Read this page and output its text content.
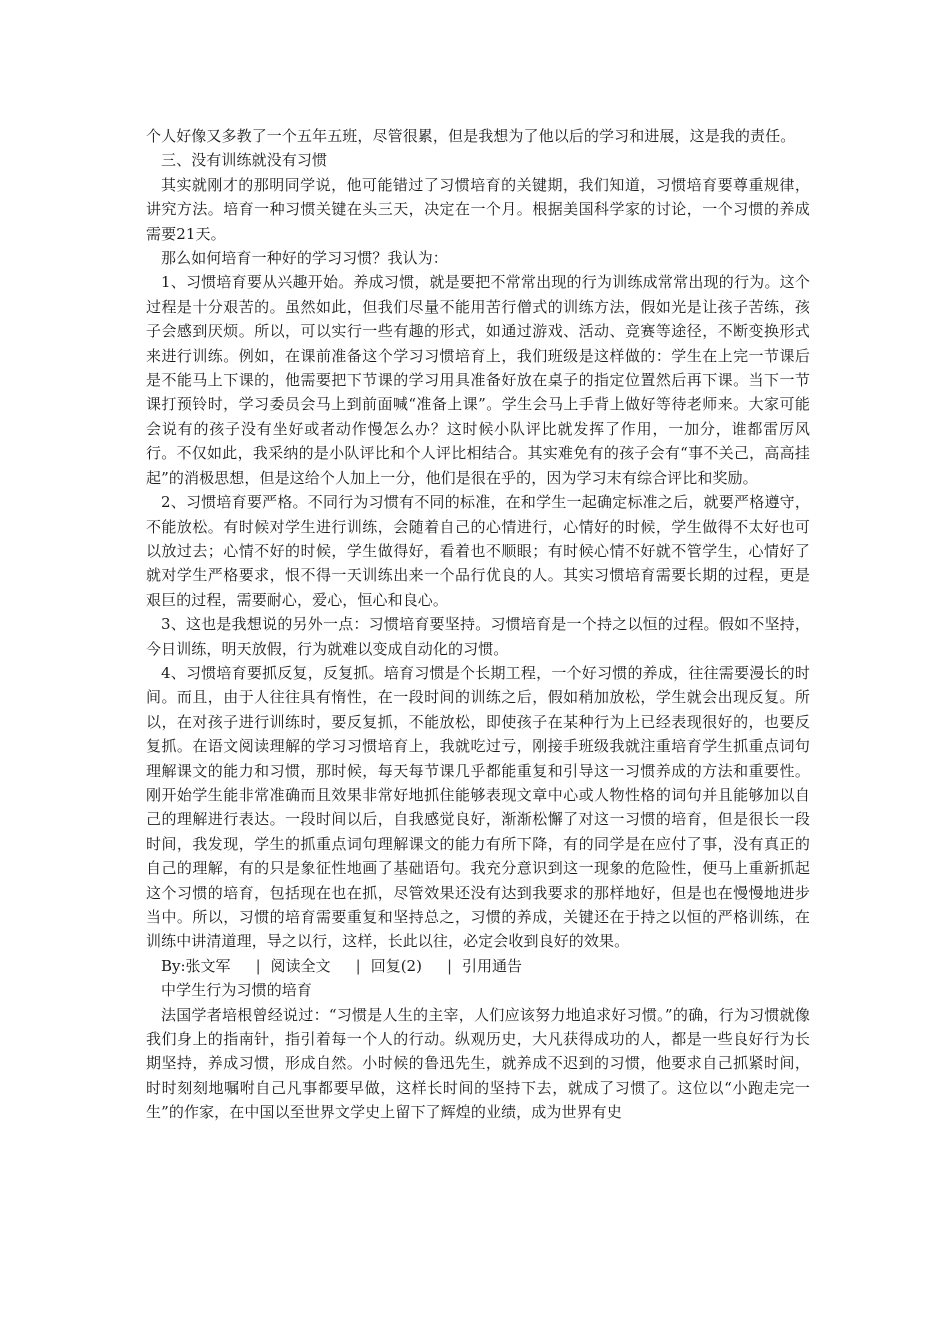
个人好像又多教了一个五年五班，尽管很累，但是我想为了他以后的学习和进展，这是我的责任。

三、没有训练就没有习惯

其实就刚才的那明同学说，他可能错过了习惯培育的关键期，我们知道，习惯培育要尊重规律，讲究方法。培育一种习惯关键在头三天，决定在一个月。根据美国科学家的讨论，一个习惯的养成需要21天。

那么如何培育一种好的学习习惯？我认为：

1、习惯培育要从兴趣开始。养成习惯，就是要把不常常出现的行为训练成常常出现的行为。这个过程是十分艰苦的。虽然如此，但我们尽量不能用苦行僧式的训练方法，假如光是让孩子苦练，孩子会感到厌烦。所以，可以实行一些有趣的形式，如通过游戏、活动、竞赛等途径，不断变换形式来进行训练。例如，在课前准备这个学习习惯培育上，我们班级是这样做的：学生在上完一节课后是不能马上下课的，他需要把下节课的学习用具准备好放在桌子的指定位置然后再下课。当下一节课打预铃时，学习委员会马上到前面喊“准备上课”。学生会马上手背上做好等待老师来。大家可能会说有的孩子没有坐好或者动作慢怎么办？这时候小队评比就发挥了作用，一加分，谁都雷厉风行。不仅如此，我采纳的是小队评比和个人评比相结合。其实难免有的孩子会有“事不关己，高高挂起”的消极思想，但是这给个人加上一分，他们是很在乎的，因为学习末有综合评比和奖励。

2、习惯培育要严格。不同行为习惯有不同的标准，在和学生一起确定标准之后，就要严格遵守，不能放松。有时候对学生进行训练，会随着自己的心情进行，心情好的时候，学生做得不太好也可以放过去；心情不好的时候，学生做得好，看着也不顺眼；有时候心情不好就不管学生，心情好了就对学生严格要求，恨不得一天训练出来一个品行优良的人。其实习惯培育需要长期的过程，更是艰巨的过程，需要耐心，爱心，恒心和良心。

3、这也是我想说的另外一点：习惯培育要坚持。习惯培育是一个持之以恒的过程。假如不坚持，今日训练，明天放假，行为就难以变成自动化的习惯。

4、习惯培育要抓反复，反复抓。培育习惯是个长期工程，一个好习惯的养成，往往需要漫长的时间。而且，由于人往往具有惰性，在一段时间的训练之后，假如稍加放松，学生就会出现反复。所以，在对孩子进行训练时，要反复抓，不能放松，即使孩子在某种行为上已经表现很好的，也要反复抓。在语文阅读理解的学习习惯培育上，我就吃过亏，刚接手班级我就注重培育学生抓重点词句理解课文的能力和习惯，那时候，每天每节课几乎都能重复和引导这一习惯养成的方法和重要性。刚开始学生能非常准确而且效果非常好地抓住能够表现文章中心或人物性格的词句并且能够加以自己的理解进行表达。一段时间以后，自我感觉良好，渐渐松懈了对这一习惯的培育，但是很长一段时间，我发现，学生的抓重点词句理解课文的能力有所下降，有的同学是在应付了事，没有真正的自己的理解，有的只是象征性地画了基础语句。我充分意识到这一现象的危险性，便马上重新抓起这个习惯的培育，包括现在也在抓，尽管效果还没有达到我要求的那样地好，但是也在慢慢地进步当中。所以，习惯的培育需要重复和坚持总之，习惯的养成，关键还在于持之以恒的严格训练，在训练中讲清道理，导之以行，这样，长此以往，必定会收到良好的效果。

By:张文军 | 阅读全文 | 回复(2) | 引用通告

中学生行为习惯的培育

法国学者培根曾经说过：“习惯是人生的主宰，人们应该努力地追求好习惯。”的确，行为习惯就像我们身上的指南针，指引着每一个人的行动。纵观历史，大凡获得成功的人，都是一些良好行为长期坚持，养成习惯，形成自然。小时候的鲁迅先生，就养成不迟到的习惯，他要求自己抓紧时间，时时刻刻地嘱咐自己凡事都要早做，这样长时间的坚持下去，就成了习惯了。这位以“小跑走完一生”的作家，在中国以至世界文学史上留下了辉煌的业绩，成为世界有史
